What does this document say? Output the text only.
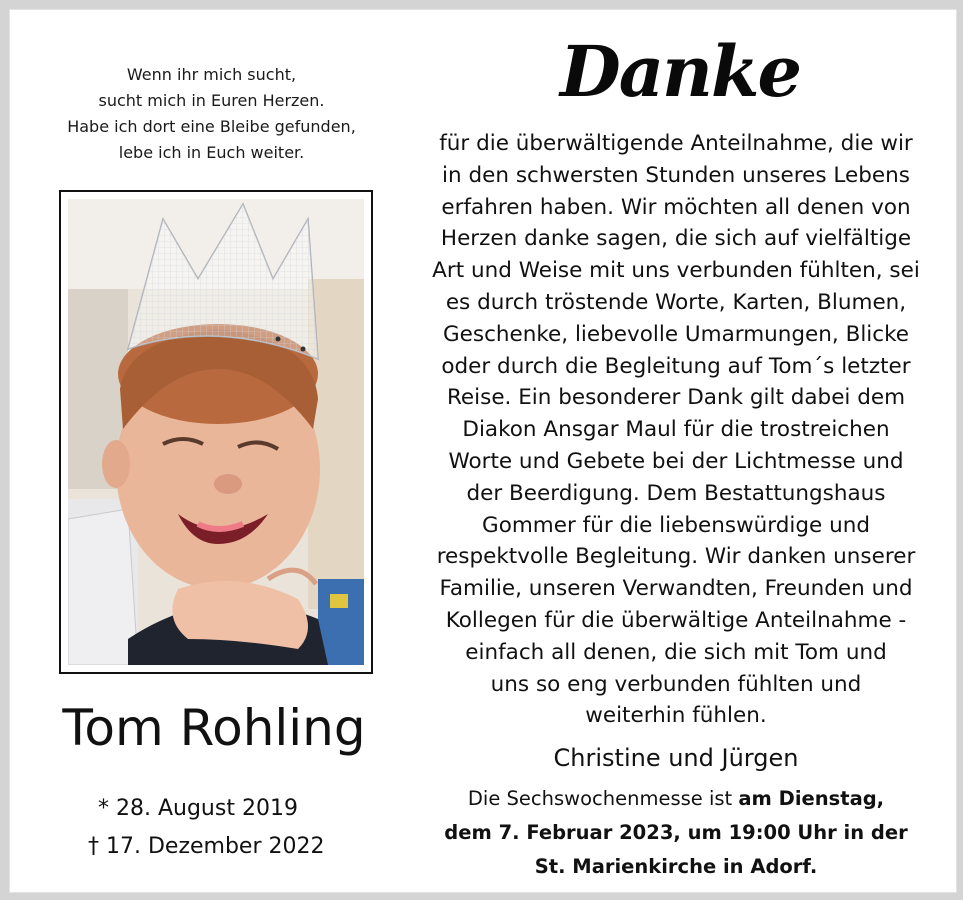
Wenn ihr mich sucht,
sucht mich in Euren Herzen.
Habe ich dort eine Bleibe gefunden,
lebe ich in Euch weiter.
Tom Rohling
* 28. August 2019
† 17. Dezember 2022
Danke
für die überwältigende Anteilnahme, die wir
in den schwersten Stunden unseres Lebens
erfahren haben. Wir möchten all denen von
Herzen danke sagen, die sich auf vielfältige
Art und Weise mit uns verbunden fühlten, sei
es durch tröstende Worte, Karten, Blumen,
Geschenke, liebevolle Umarmungen, Blicke
oder durch die Begleitung auf Tom´s letzter
Reise. Ein besonderer Dank gilt dabei dem
Diakon Ansgar Maul für die trostreichen
Worte und Gebete bei der Lichtmesse und
der Beerdigung. Dem Bestattungshaus
Gommer für die liebenswürdige und
respektvolle Begleitung. Wir danken unserer
Familie, unseren Verwandten, Freunden und
Kollegen für die überwältige Anteilnahme -
einfach all denen, die sich mit Tom und
uns so eng verbunden fühlten und
weiterhin fühlen.
Christine und Jürgen
Die Sechswochenmesse ist am Dienstag,
dem 7. Februar 2023, um 19:00 Uhr in der
St. Marienkirche in Adorf.
